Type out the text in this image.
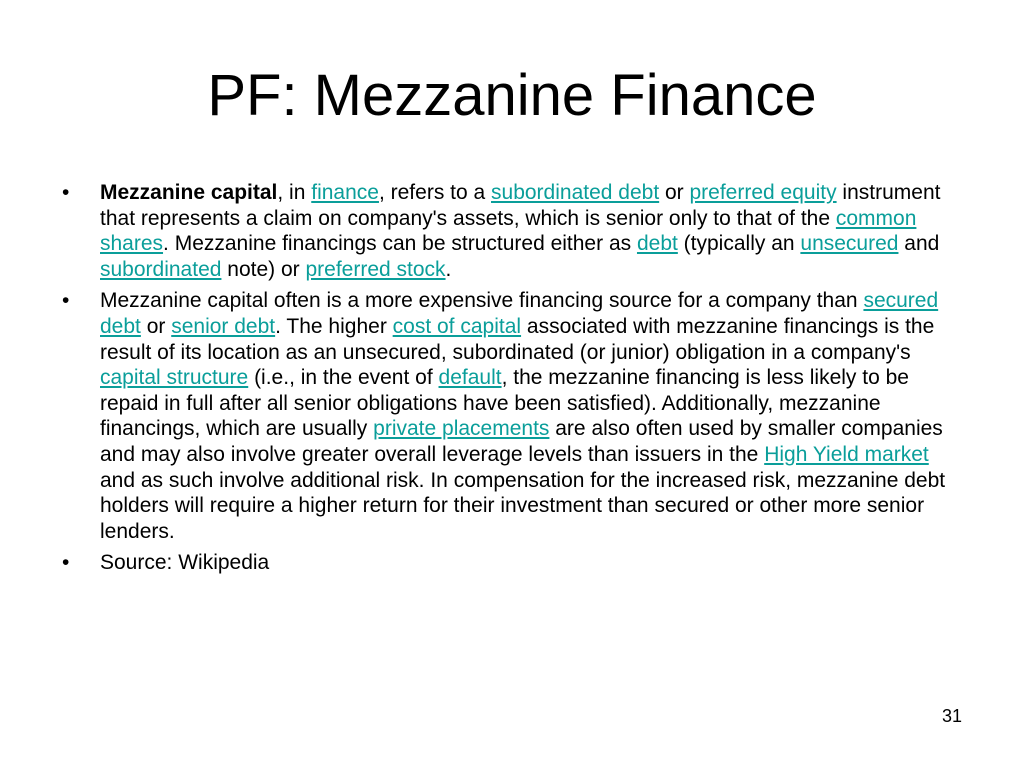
PF: Mezzanine Finance
•	Mezzanine capital, in finance, refers to a subordinated debt or preferred equity instrument that represents a claim on company's assets, which is senior only to that of the common shares. Mezzanine financings can be structured either as debt (typically an unsecured and subordinated note) or preferred stock.
•	Mezzanine capital often is a more expensive financing source for a company than secured debt or senior debt. The higher cost of capital associated with mezzanine financings is the result of its location as an unsecured, subordinated (or junior) obligation in a company's capital structure (i.e., in the event of default, the mezzanine financing is less likely to be repaid in full after all senior obligations have been satisfied). Additionally, mezzanine financings, which are usually private placements are also often used by smaller companies and may also involve greater overall leverage levels than issuers in the High Yield market and as such involve additional risk. In compensation for the increased risk, mezzanine debt holders will require a higher return for their investment than secured or other more senior lenders.
•	Source: Wikipedia
31
